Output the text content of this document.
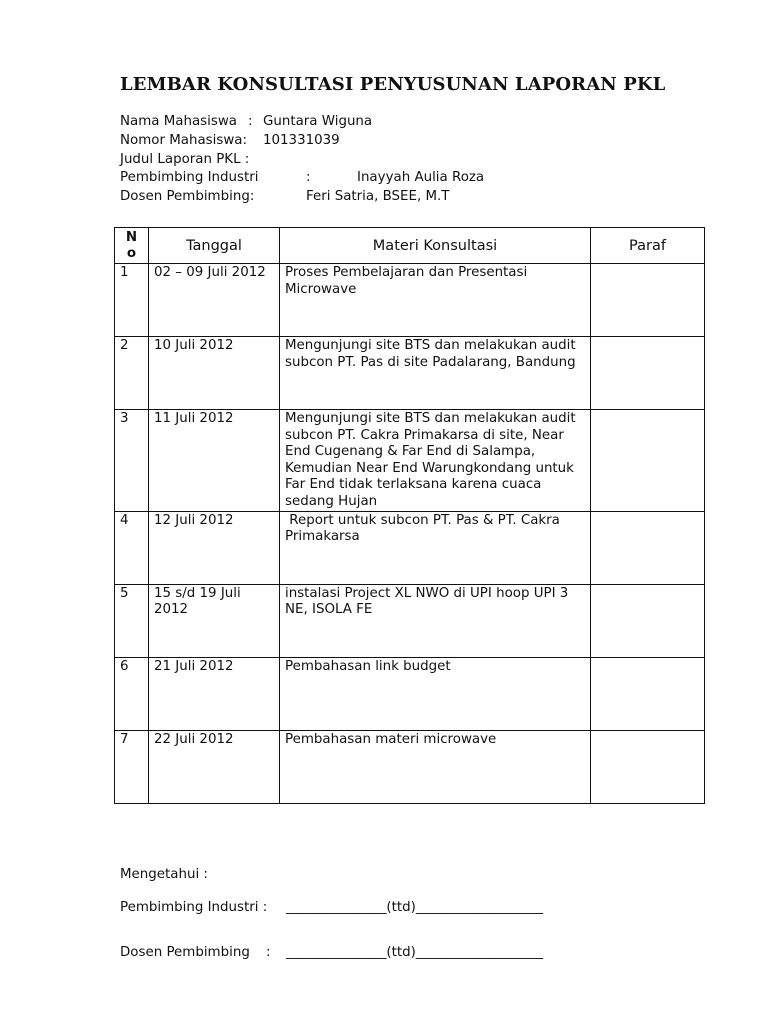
LEMBAR KONSULTASI PENYUSUNAN LAPORAN PKL
Nama Mahasiswa : Guntara Wiguna
Nomor Mahasiswa: 101331039
Judul Laporan PKL :
Pembimbing Industri	:	Inayyah Aulia Roza
Dosen Pembimbing:	Feri Satria, BSEE, M.T
N
o	Tanggal	Materi Konsultasi	Paraf
1	02 – 09 Juli 2012	Proses Pembelajaran dan Presentasi Microwave	
2	10 Juli 2012	Mengunjungi site BTS dan melakukan audit subcon PT. Pas di site Padalarang, Bandung	
3	11 Juli 2012	Mengunjungi site BTS dan melakukan audit subcon PT. Cakra Primakarsa di site, Near End Cugenang & Far End di Salampa, Kemudian Near End Warungkondang untuk Far End tidak terlaksana karena cuaca sedang Hujan	
4	12 Juli 2012	Report untuk subcon PT. Pas & PT. Cakra Primakarsa	
5	15 s/d 19 Juli 2012	instalasi Project XL NWO di UPI hoop UPI 3 NE, ISOLA FE	
6	21 Juli 2012	Pembahasan link budget	
7	22 Juli 2012	Pembahasan materi microwave	
Mengetahui :
Pembimbing Industri : _______________(ttd)___________________
Dosen Pembimbing : _______________(ttd)___________________
